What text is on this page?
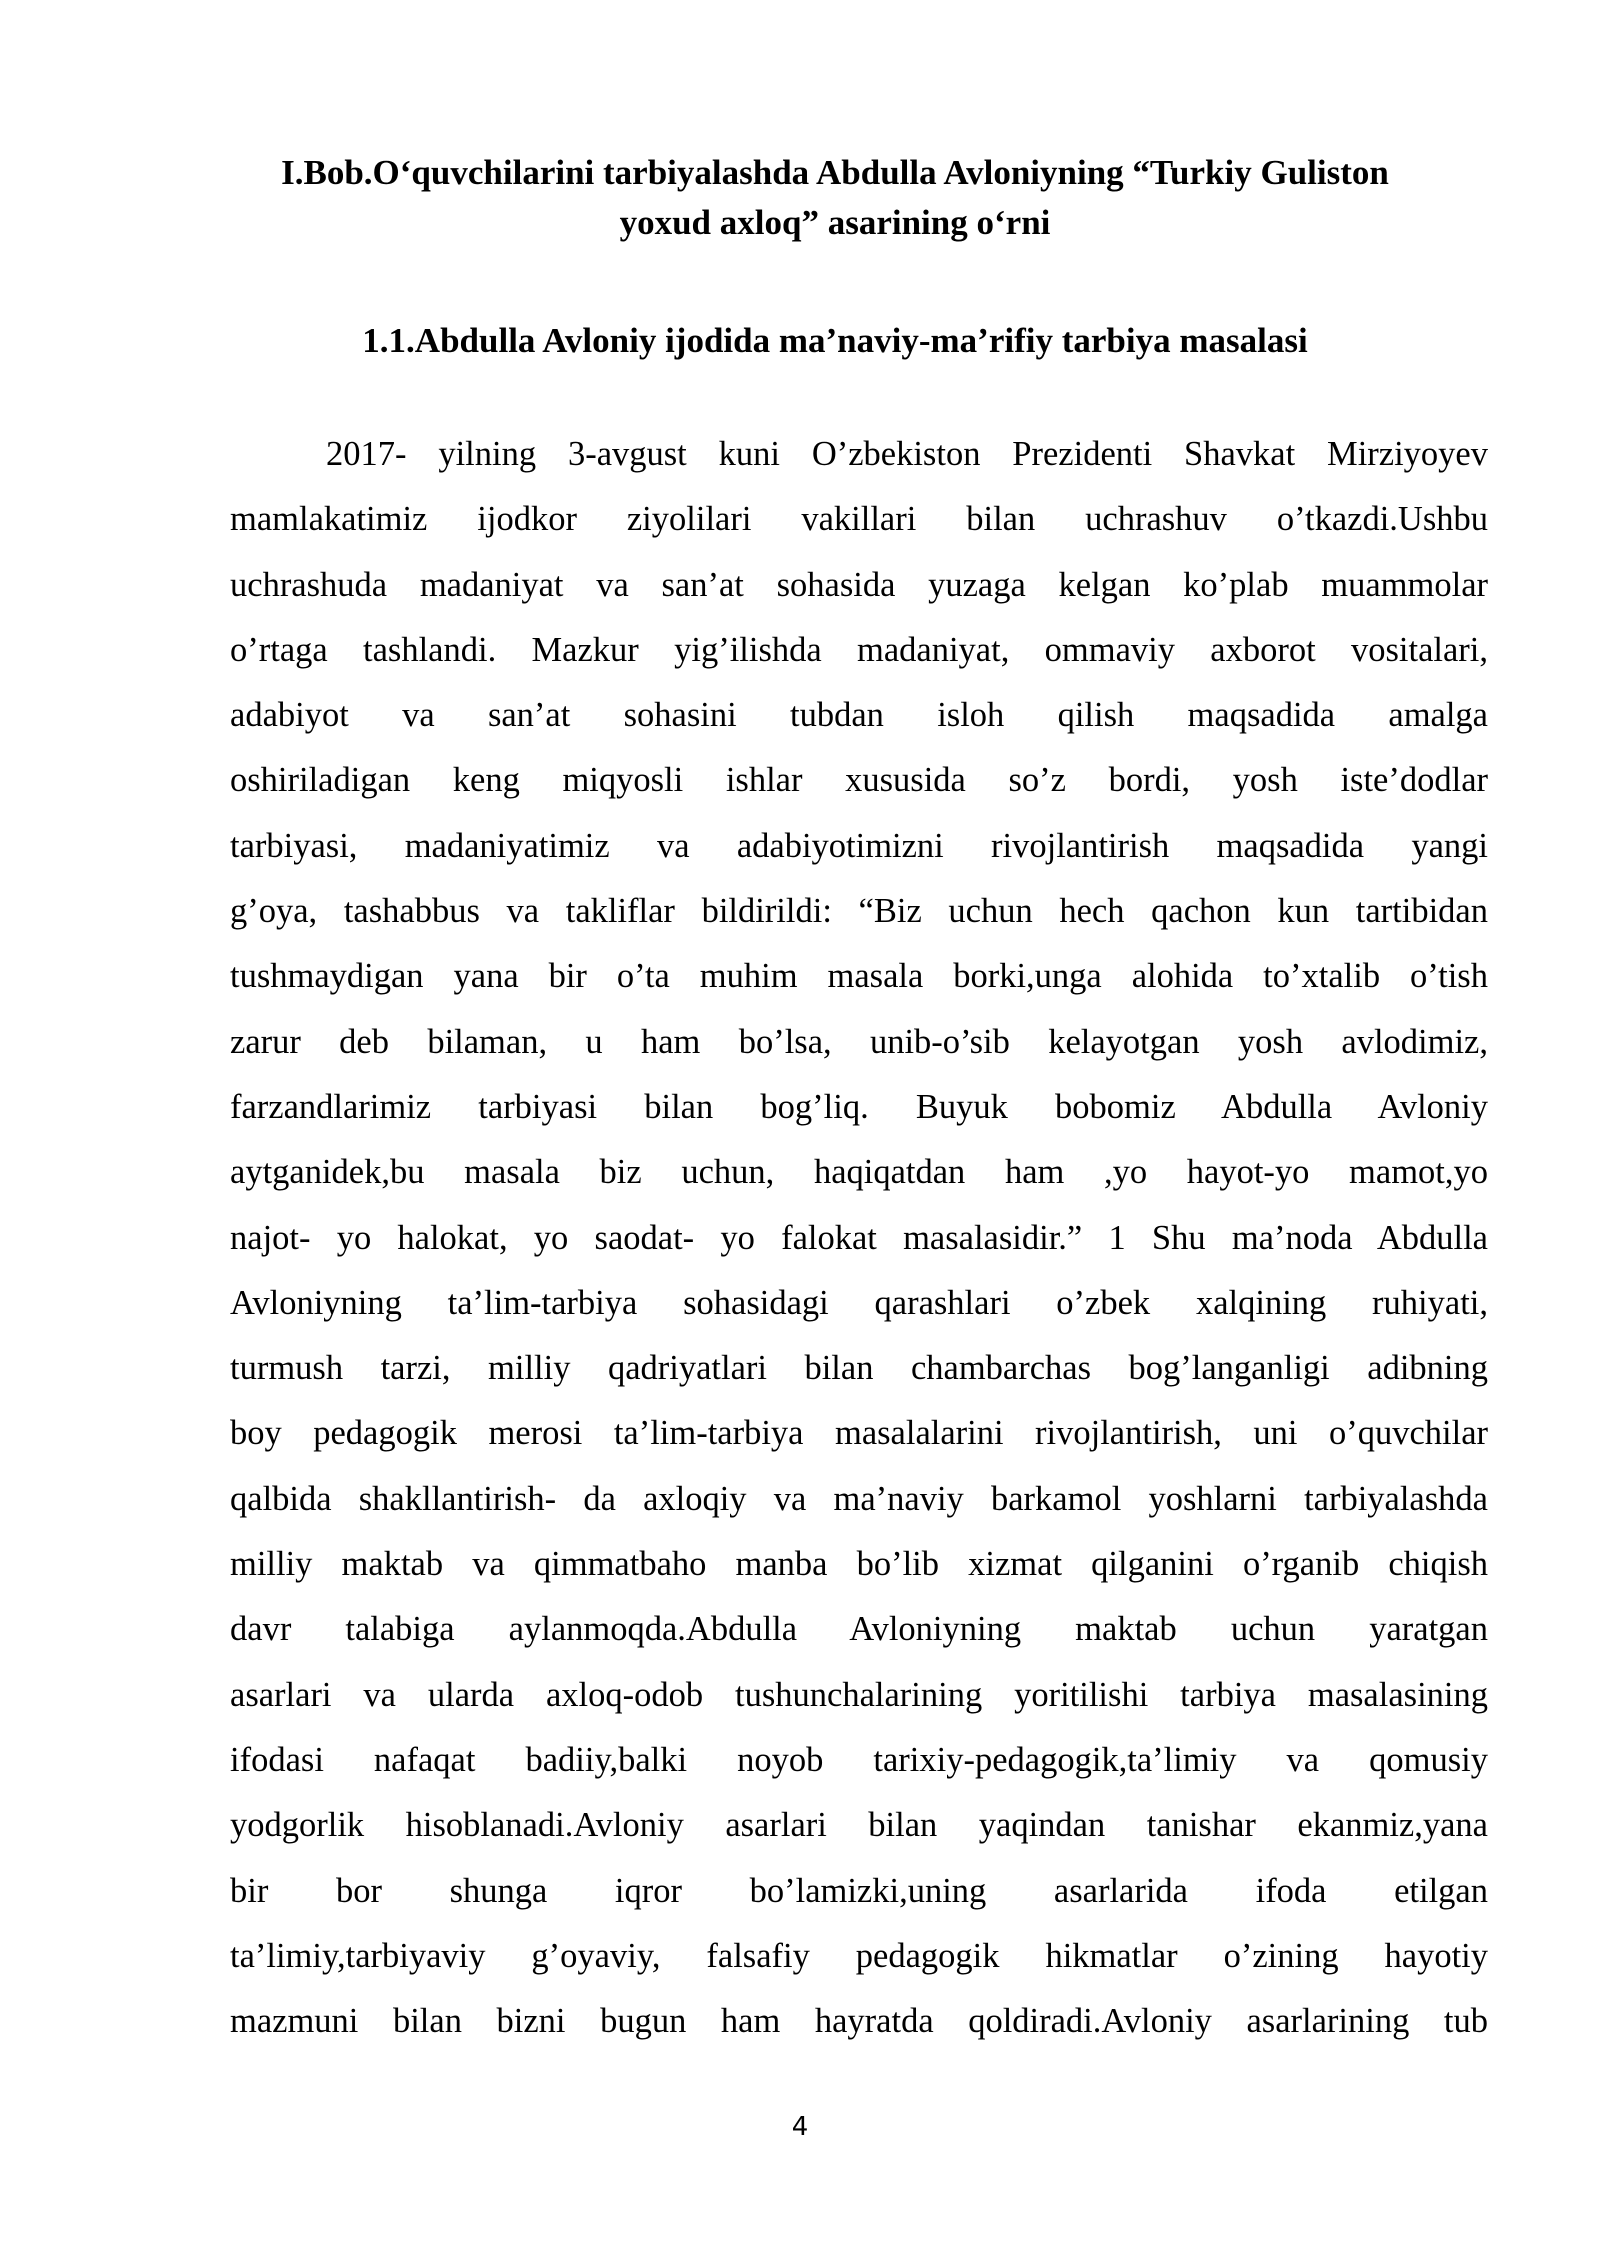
I.Bob.O‘quvchilarini tarbiyalashda Abdulla Avloniyning “Turkiy Guliston
yoxud axloq” asarining o‘rni
1.1.Abdulla Avloniy ijodida ma’naviy-ma’rifiy tarbiya masalasi
2017- yilning 3-avgust kuni O’zbekiston Prezidenti Shavkat Mirziyoyev
mamlakatimiz ijodkor ziyolilari vakillari bilan uchrashuv o’tkazdi.Ushbu
uchrashuda madaniyat va san’at sohasida yuzaga kelgan ko’plab muammolar
o’rtaga tashlandi. Mazkur yig’ilishda madaniyat, ommaviy axborot vositalari,
adabiyot va san’at sohasini tubdan isloh qilish maqsadida amalga
oshiriladigan keng miqyosli ishlar xususida so’z bordi, yosh iste’dodlar
tarbiyasi, madaniyatimiz va adabiyotimizni rivojlantirish maqsadida yangi
g’oya, tashabbus va takliflar bildirildi: “Biz uchun hech qachon kun tartibidan
tushmaydigan yana bir o’ta muhim masala borki,unga alohida to’xtalib o’tish
zarur deb bilaman, u ham bo’lsa, unib-o’sib kelayotgan yosh avlodimiz,
farzandlarimiz tarbiyasi bilan bog’liq. Buyuk bobomiz Abdulla Avloniy
aytganidek,bu masala biz uchun, haqiqatdan ham ,yo hayot-yo mamot,yo
najot- yo halokat, yo saodat- yo falokat masalasidir.” 1 Shu ma’noda Abdulla
Avloniyning ta’lim-tarbiya sohasidagi qarashlari o’zbek xalqining ruhiyati,
turmush tarzi, milliy qadriyatlari bilan chambarchas bog’langanligi adibning
boy pedagogik merosi ta’lim-tarbiya masalalarini rivojlantirish, uni o’quvchilar
qalbida shakllantirish- da axloqiy va ma’naviy barkamol yoshlarni tarbiyalashda
milliy maktab va qimmatbaho manba bo’lib xizmat qilganini o’rganib chiqish
davr talabiga aylanmoqda.Abdulla Avloniyning maktab uchun yaratgan
asarlari va ularda axloq-odob tushunchalarining yoritilishi tarbiya masalasining
ifodasi nafaqat badiiy,balki noyob tarixiy-pedagogik,ta’limiy va qomusiy
yodgorlik hisoblanadi.Avloniy asarlari bilan yaqindan tanishar ekanmiz,yana
bir bor shunga iqror bo’lamizki,uning asarlarida ifoda etilgan
ta’limiy,tarbiyaviy g’oyaviy, falsafiy pedagogik hikmatlar o’zining hayotiy
mazmuni bilan bizni bugun ham hayratda qoldiradi.Avloniy asarlarining tub
4
